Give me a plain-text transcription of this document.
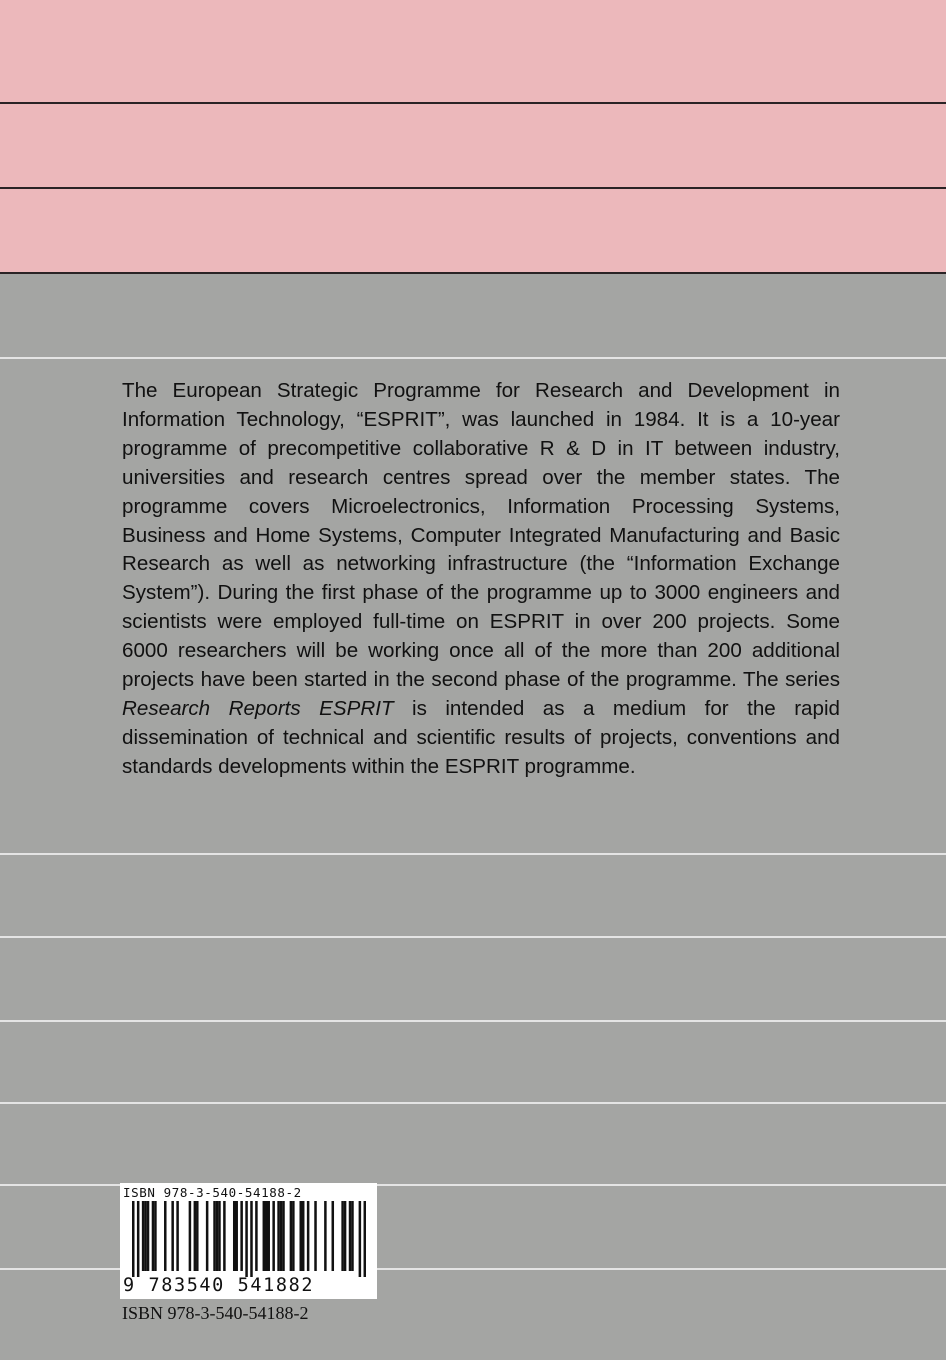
The European Strategic Programme for Research and Development in Information Technology, “ESPRIT”, was launched in 1984. It is a 10-year programme of precompetitive collaborative R & D in IT between industry, universities and research centres spread over the member states. The programme covers Microelectronics, Information Processing Systems, Business and Home Systems, Computer Integrated Manufacturing and Basic Research as well as networking infrastructure (the “Information Exchange System”). During the first phase of the programme up to 3000 engineers and scientists were employed full-time on ESPRIT in over 200 projects. Some 6000 researchers will be working once all of the more than 200 additional projects have been started in the second phase of the programme. The series Research Reports ESPRIT is intended as a medium for the rapid dissemination of technical and scientific results of projects, conventions and standards developments within the ESPRIT programme.

ISBN 978-3-540-54188-2
9 783540 541882
ISBN 978-3-540-54188-2
